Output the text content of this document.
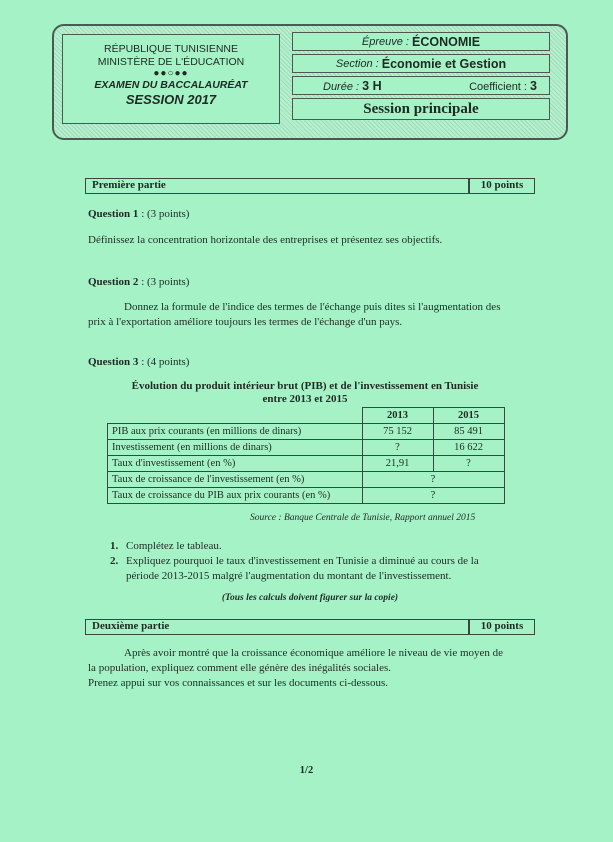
RÉPUBLIQUE TUNISIENNE
MINISTÈRE DE L'ÉDUCATION
●●○●●
EXAMEN DU BACCALAURÉAT
SESSION 2017
Épreuve :
ÉCONOMIE
Section :
Économie et Gestion
Durée : 3 H	Coefficient : 3
Session principale
Première partie	10 points
Question 1 : (3 points)
Définissez la concentration horizontale des entreprises et présentez ses objectifs.
Question 2 : (3 points)
Donnez la formule de l'indice des termes de l'échange puis dites si l'augmentation des
prix à l'exportation améliore toujours les termes de l'échange d'un pays.
Question 3 : (4 points)
Évolution du produit intérieur brut (PIB) et de l'investissement en Tunisie
entre 2013 et 2015
	2013	2015
PIB aux prix courants (en millions de dinars)	75 152	85 491
Investissement (en millions de dinars)	?	16 622
Taux d'investissement (en %)	21,91	?
Taux de croissance de l'investissement (en %)	?	
Taux de croissance du PIB aux prix courants (en %)	?	
Source : Banque Centrale de Tunisie, Rapport annuel 2015
1. Complétez le tableau.
2. Expliquez pourquoi le taux d'investissement en Tunisie a diminué au cours de la
période 2013-2015 malgré l'augmentation du montant de l'investissement.
(Tous les calculs doivent figurer sur la copie)
Deuxième partie	10 points
Après avoir montré que la croissance économique améliore le niveau de vie moyen de
la population, expliquez comment elle génère des inégalités sociales.
Prenez appui sur vos connaissances et sur les documents ci-dessous.
1/2
